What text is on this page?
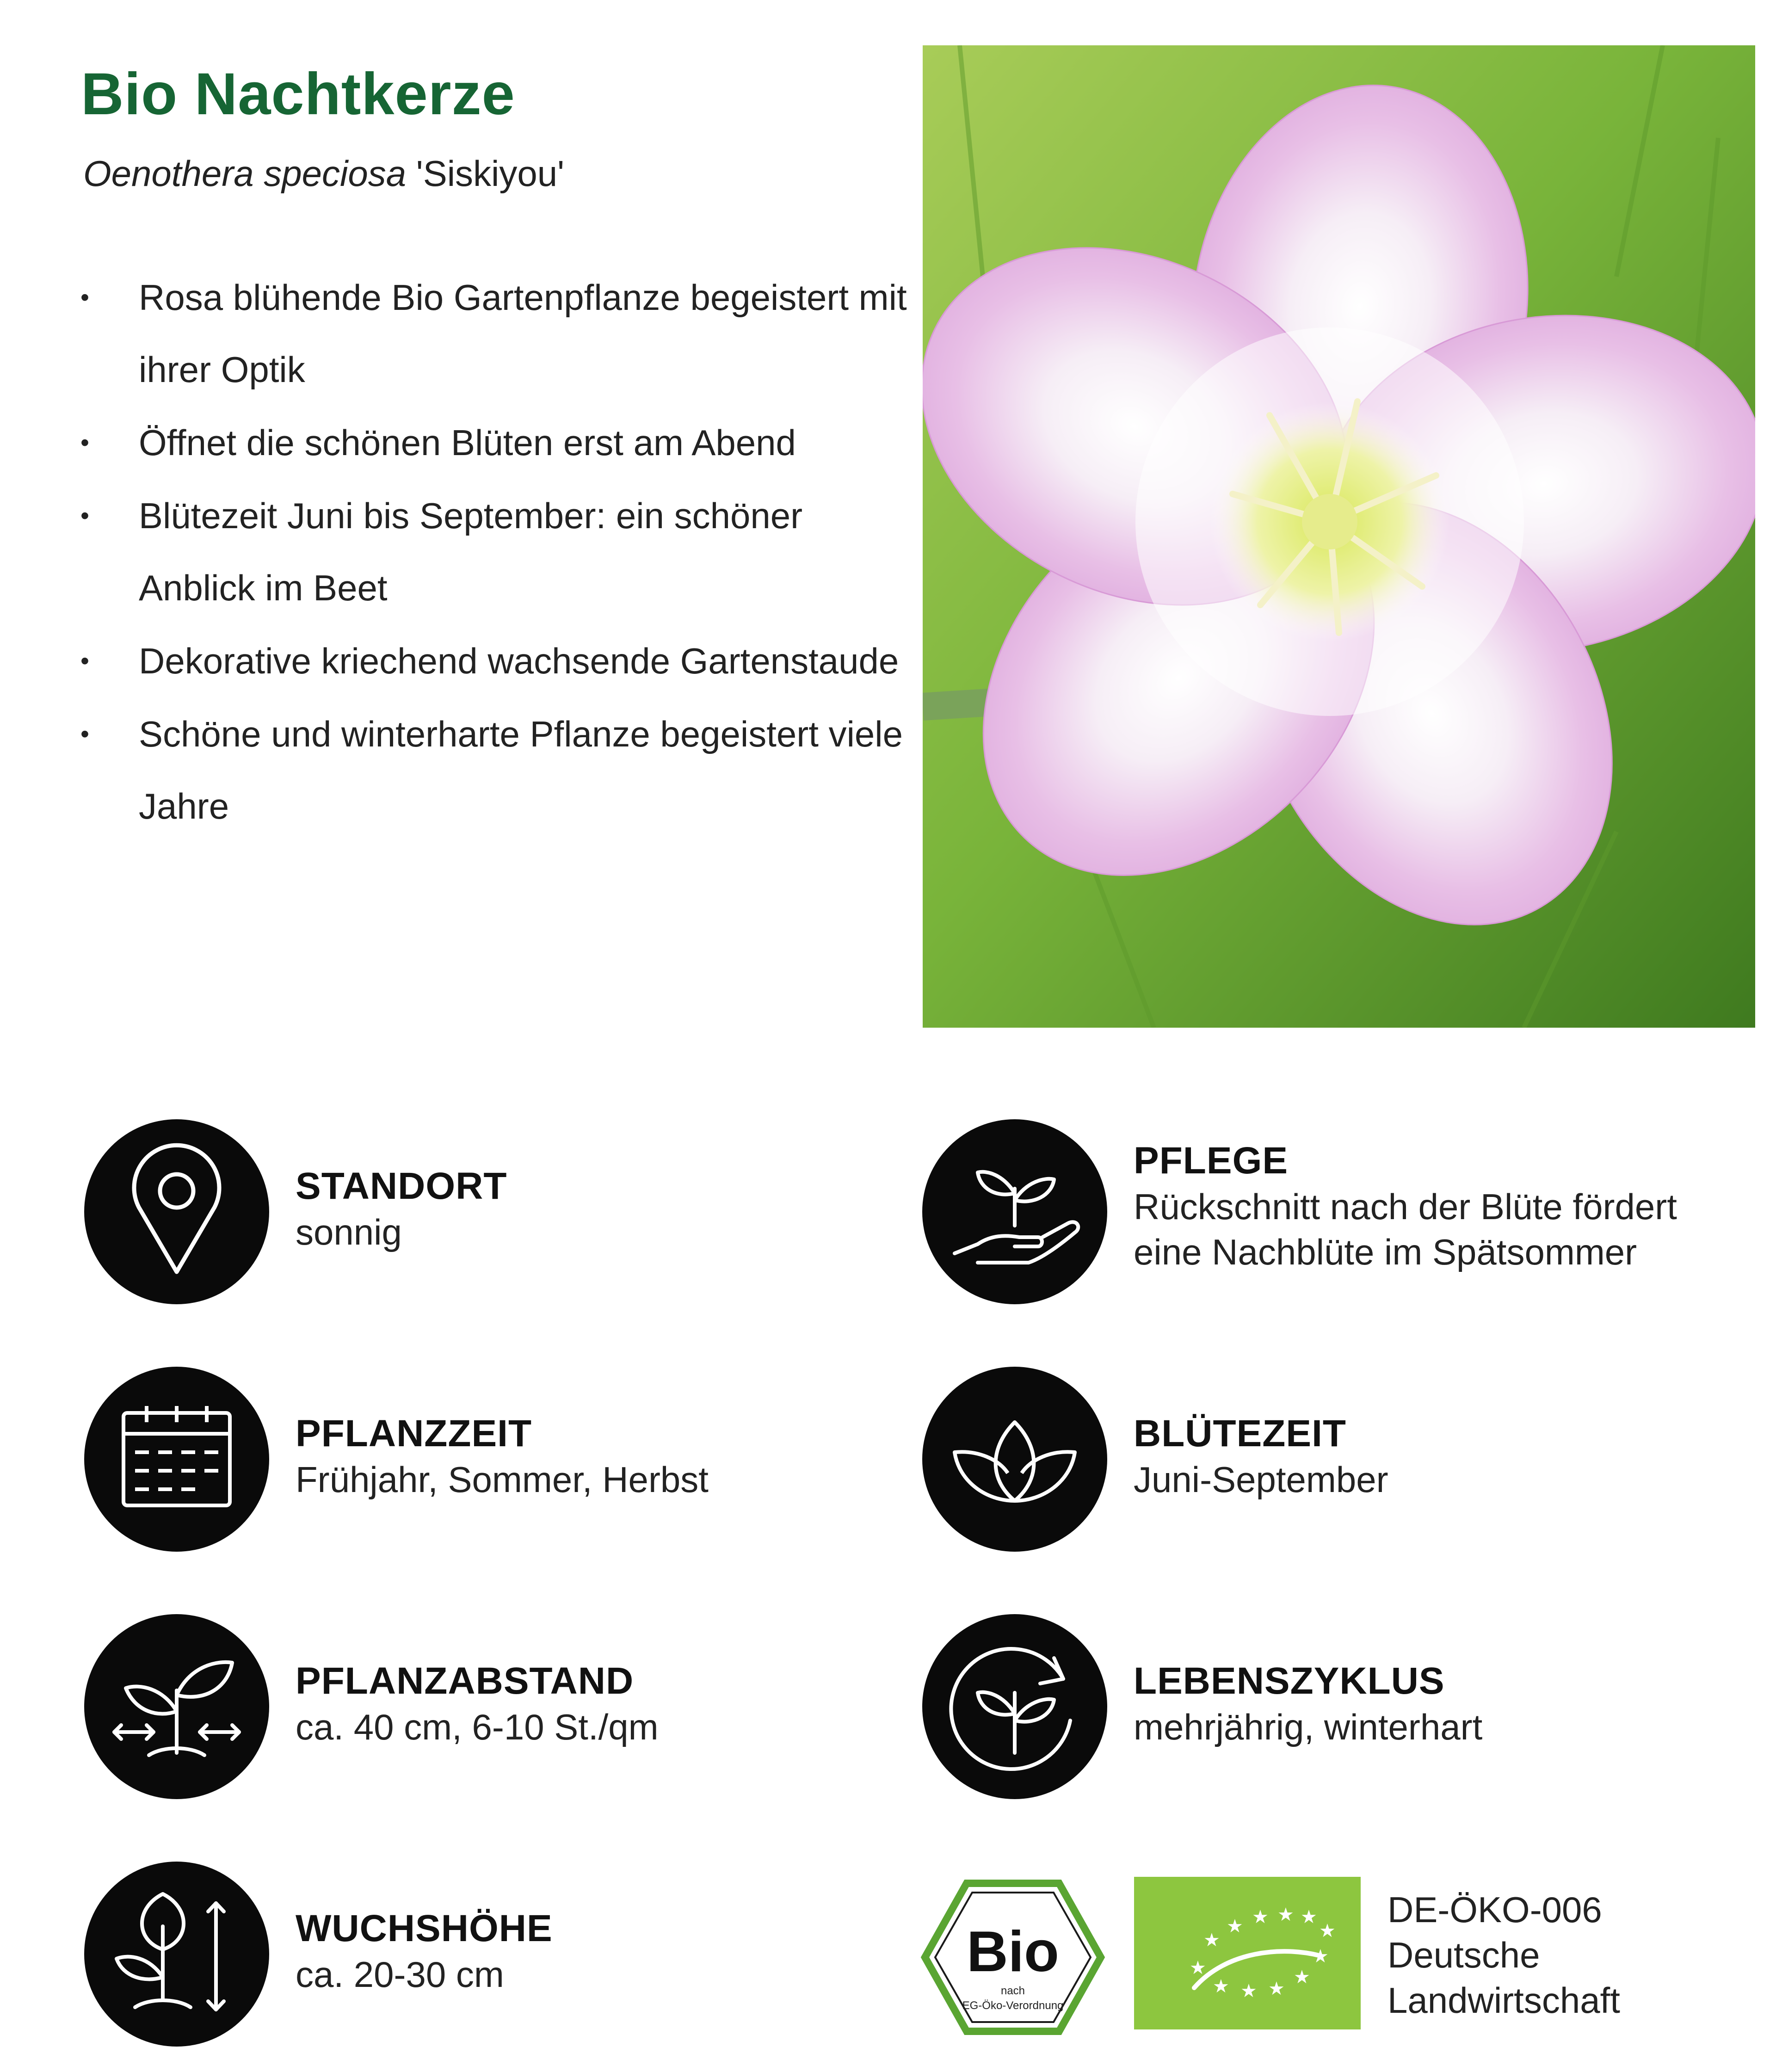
Bio Nachtkerze
Oenothera speciosa 'Siskiyou'
• Rosa blühende Bio Gartenpflanze begeistert mit ihrer Optik
• Öffnet die schönen Blüten erst am Abend
• Blütezeit Juni bis September: ein schöner Anblick im Beet
• Dekorative kriechend wachsende Gartenstaude
• Schöne und winterharte Pflanze begeistert viele Jahre
STANDORT
sonnig
PFLANZZEIT
Frühjahr, Sommer, Herbst
PFLANZABSTAND
ca. 40 cm, 6-10 St./qm
WUCHSHÖHE
ca. 20-30 cm
PFLEGE
Rückschnitt nach der Blüte fördert eine Nachblüte im Spätsommer
BLÜTEZEIT
Juni-September
LEBENSZYKLUS
mehrjährig, winterhart
Bio
nach
EG-Öko-Verordnung
★
★ ★ ★ ★
★
★
★
★
★
★
★
DE-ÖKO-006
Deutsche
Landwirtschaft
